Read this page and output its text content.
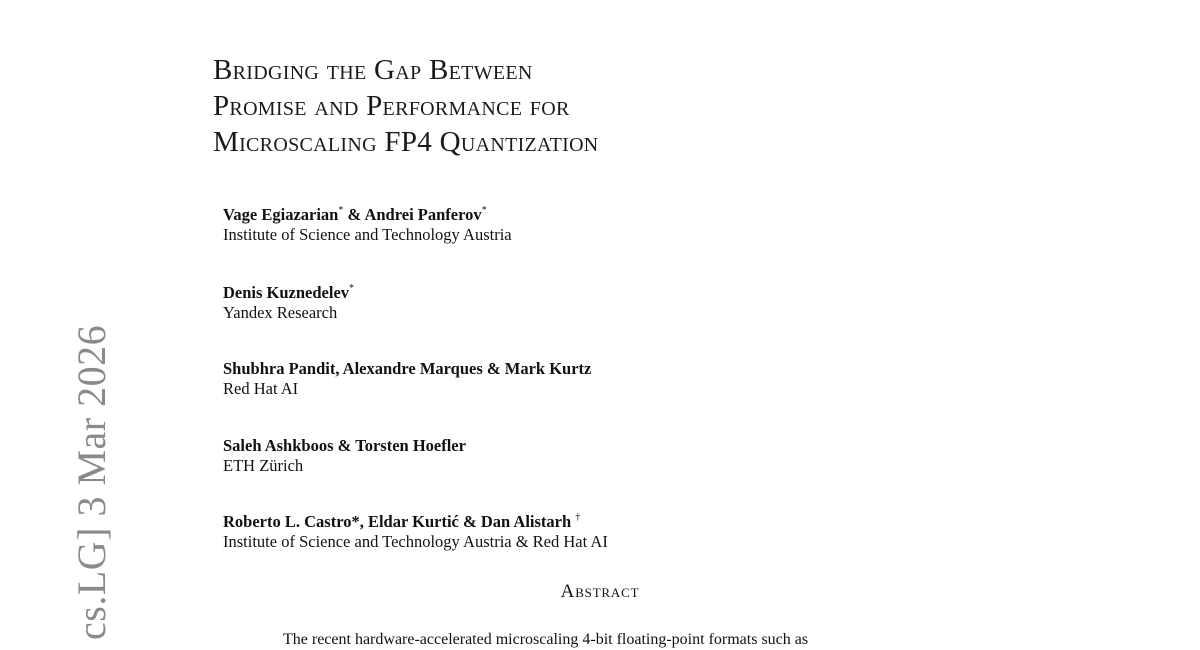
cs.LG] 3 Mar 2026
Bridging the Gap Between
Promise and Performance for
Microscaling FP4 Quantization
Vage Egiazarian* & Andrei Panferov*
Institute of Science and Technology Austria
Denis Kuznedelev*
Yandex Research
Shubhra Pandit, Alexandre Marques & Mark Kurtz
Red Hat AI
Saleh Ashkboos & Torsten Hoefler
ETH Zürich
Roberto L. Castro*, Eldar Kurtić & Dan Alistarh †
Institute of Science and Technology Austria & Red Hat AI
Abstract
The recent hardware-accelerated microscaling 4-bit floating-point formats such as
